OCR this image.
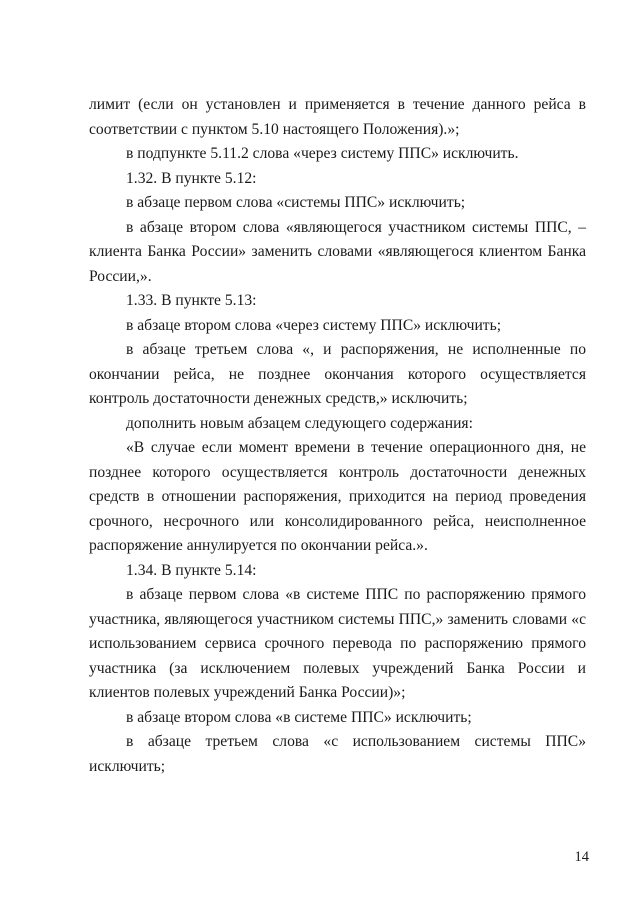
лимит (если он установлен и применяется в течение данного рейса в соответствии с пунктом 5.10 настоящего Положения).»;

в подпункте 5.11.2 слова «через систему ППС» исключить.

1.32. В пункте 5.12:

в абзаце первом слова «системы ППС» исключить;

в абзаце втором слова «являющегося участником системы ППС, – клиента Банка России» заменить словами «являющегося клиентом Банка России,».

1.33. В пункте 5.13:

в абзаце втором слова «через систему ППС» исключить;

в абзаце третьем слова «, и распоряжения, не исполненные по окончании рейса, не позднее окончания которого осуществляется контроль достаточности денежных средств,» исключить;

дополнить новым абзацем следующего содержания:

«В случае если момент времени в течение операционного дня, не позднее которого осуществляется контроль достаточности денежных средств в отношении распоряжения, приходится на период проведения срочного, несрочного или консолидированного рейса, неисполненное распоряжение аннулируется по окончании рейса.».

1.34. В пункте 5.14:

в абзаце первом слова «в системе ППС по распоряжению прямого участника, являющегося участником системы ППС,» заменить словами «с использованием сервиса срочного перевода по распоряжению прямого участника (за исключением полевых учреждений Банка России и клиентов полевых учреждений Банка России)»;

в абзаце втором слова «в системе ППС» исключить;

в абзаце третьем слова «с использованием системы ППС» исключить;

14
